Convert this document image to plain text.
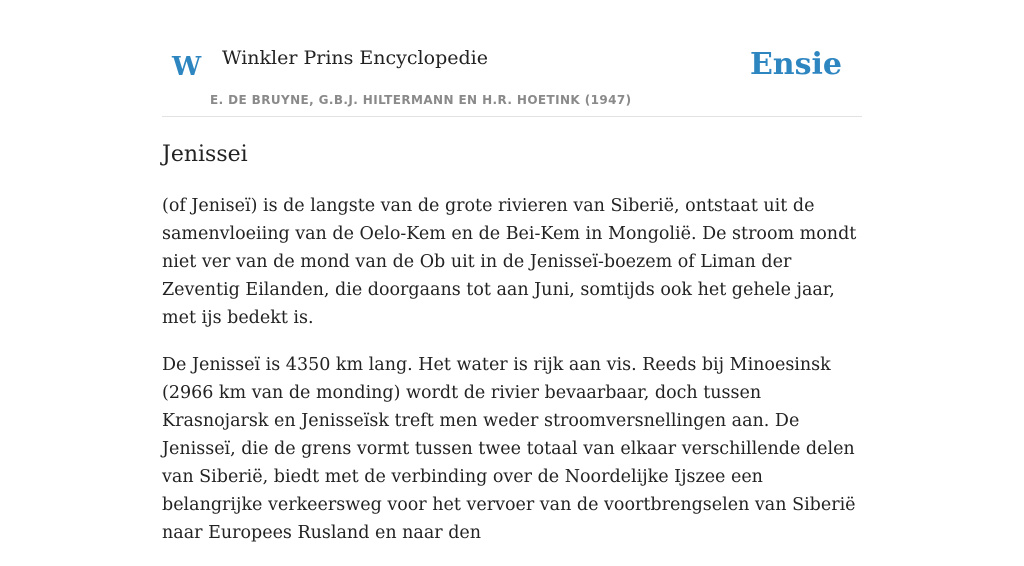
W Winkler Prins Encyclopedie
E. DE BRUYNE, G.B.J. HILTERMANN EN H.R. HOETINK (1947)
Ensie
Jenissei

(of Jeniseï) is de langste van de grote rivieren van Siberië, ontstaat uit de samenvloeiing van de Oelo-Kem en de Bei-Kem in Mongolië. De stroom mondt niet ver van de mond van de Ob uit in de Jenisseï-boezem of Liman der Zeventig Eilanden, die doorgaans tot aan Juni, somtijds ook het gehele jaar, met ijs bedekt is.

De Jenisseï is 4350 km lang. Het water is rijk aan vis. Reeds bij Minoesinsk (2966 km van de monding) wordt de rivier bevaarbaar, doch tussen Krasnojarsk en Jenisseïsk treft men weder stroomversnellingen aan. De Jenisseï, die de grens vormt tussen twee totaal van elkaar verschillende delen van Siberië, biedt met de verbinding over de Noordelijke Ijszee een belangrijke verkeersweg voor het vervoer van de voortbrengselen van Siberië naar Europees Rusland en naar den
